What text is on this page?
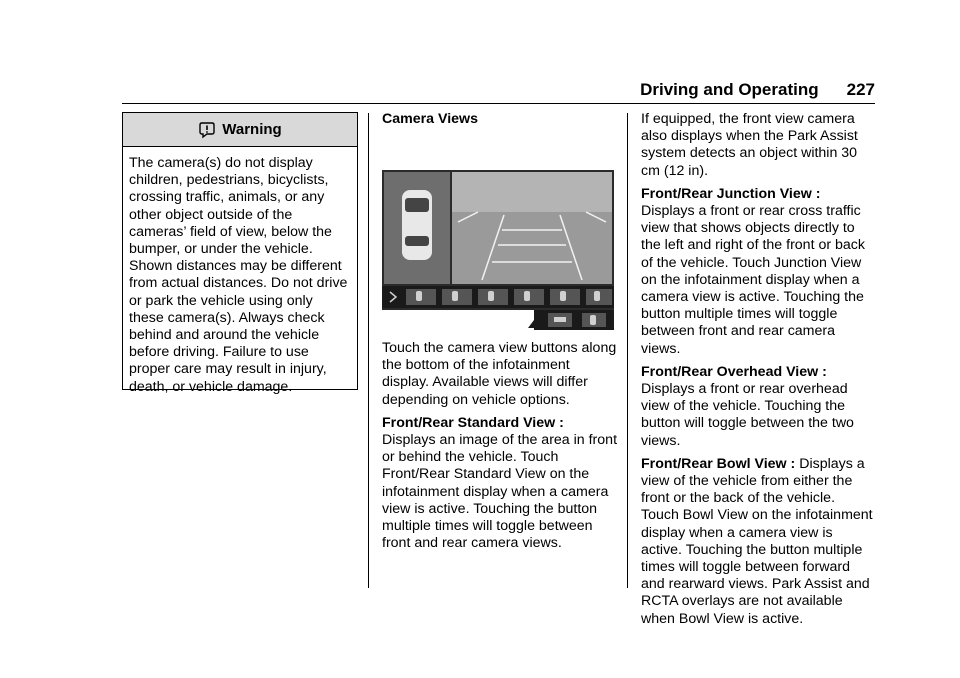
Driving and Operating 227
Warning
The camera(s) do not display children, pedestrians, bicyclists, crossing traffic, animals, or any other object outside of the cameras’ field of view, below the bumper, or under the vehicle. Shown distances may be different from actual distances. Do not drive or park the vehicle using only these camera(s). Always check behind and around the vehicle before driving. Failure to use proper care may result in injury, death, or vehicle damage.

Camera Views

Touch the camera view buttons along the bottom of the infotainment display. Available views will differ depending on vehicle options.

Front/Rear Standard View : Displays an image of the area in front or behind the vehicle. Touch Front/Rear Standard View on the infotainment display when a camera view is active. Touching the button multiple times will toggle between front and rear camera views.

If equipped, the front view camera also displays when the Park Assist system detects an object within 30 cm (12 in).

Front/Rear Junction View : Displays a front or rear cross traffic view that shows objects directly to the left and right of the front or back of the vehicle. Touch Junction View on the infotainment display when a camera view is active. Touching the button multiple times will toggle between front and rear camera views.

Front/Rear Overhead View : Displays a front or rear overhead view of the vehicle. Touching the button will toggle between the two views.

Front/Rear Bowl View : Displays a view of the vehicle from either the front or the back of the vehicle. Touch Bowl View on the infotainment display when a camera view is active. Touching the button multiple times will toggle between forward and rearward views. Park Assist and RCTA overlays are not available when Bowl View is active.
